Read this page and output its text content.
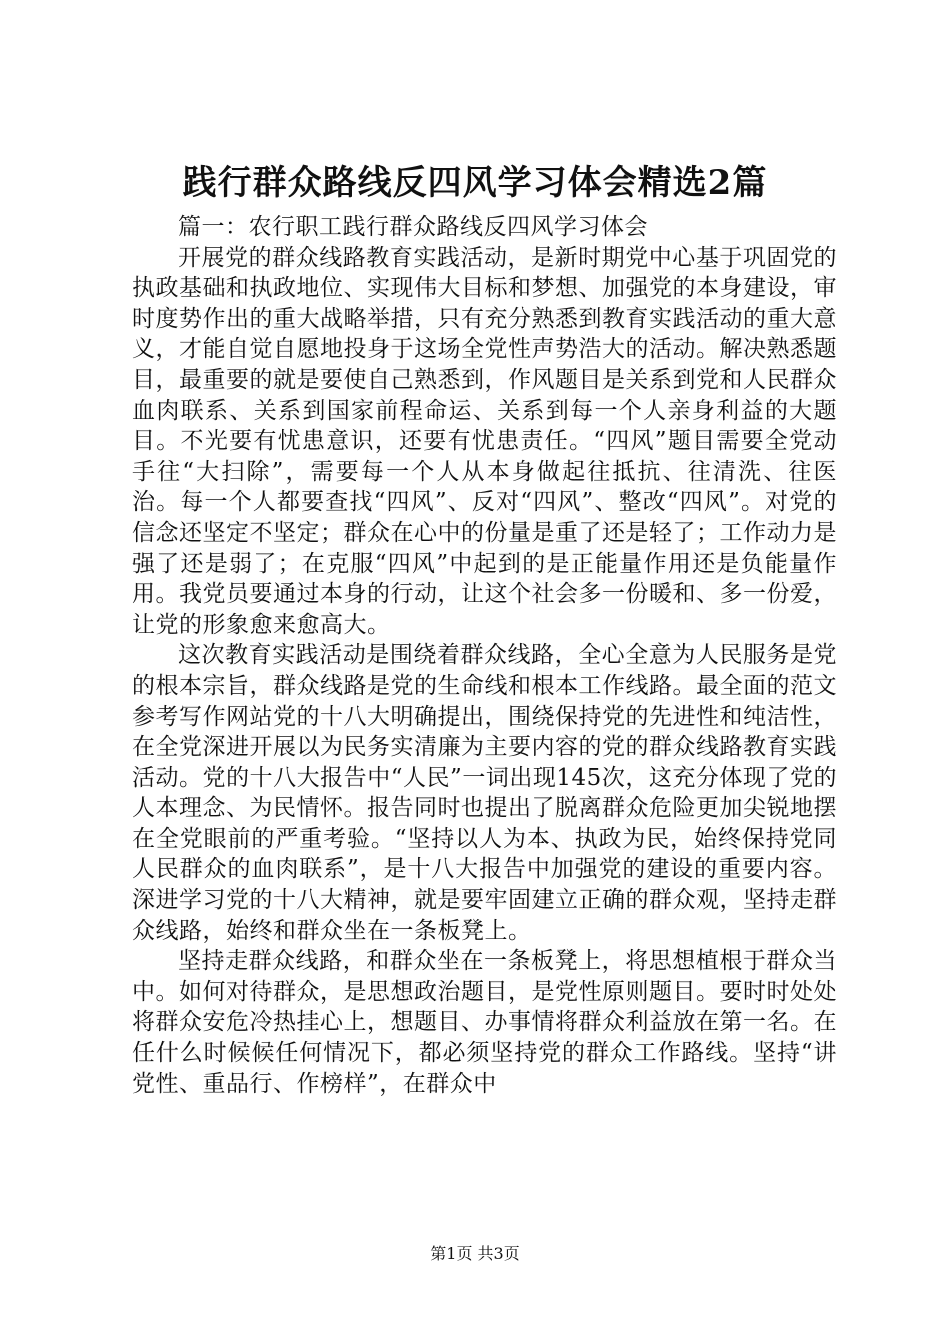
践行群众路线反四风学习体会精选2篇

篇一：农行职工践行群众路线反四风学习体会

开展党的群众线路教育实践活动，是新时期党中心基于巩固党的执政基础和执政地位、实现伟大目标和梦想、加强党的本身建设，审时度势作出的重大战略举措，只有充分熟悉到教育实践活动的重大意义，才能自觉自愿地投身于这场全党性声势浩大的活动。解决熟悉题目，最重要的就是要使自己熟悉到，作风题目是关系到党和人民群众血肉联系、关系到国家前程命运、关系到每一个人亲身利益的大题目。不光要有忧患意识，还要有忧患责任。“四风”题目需要全党动手往“大扫除”，需要每一个人从本身做起往抵抗、往清洗、往医治。每一个人都要查找“四风”、反对“四风”、整改“四风”。对党的信念还坚定不坚定；群众在心中的份量是重了还是轻了；工作动力是强了还是弱了；在克服“四风”中起到的是正能量作用还是负能量作用。我党员要通过本身的行动，让这个社会多一份暖和、多一份爱，让党的形象愈来愈高大。

这次教育实践活动是围绕着群众线路，全心全意为人民服务是党的根本宗旨，群众线路是党的生命线和根本工作线路。最全面的范文参考写作网站党的十八大明确提出，围绕保持党的先进性和纯洁性，在全党深进开展以为民务实清廉为主要内容的党的群众线路教育实践活动。党的十八大报告中“人民”一词出现145次，这充分体现了党的人本理念、为民情怀。报告同时也提出了脱离群众危险更加尖锐地摆在全党眼前的严重考验。“坚持以人为本、执政为民，始终保持党同人民群众的血肉联系”，是十八大报告中加强党的建设的重要内容。深进学习党的十八大精神，就是要牢固建立正确的群众观，坚持走群众线路，始终和群众坐在一条板凳上。

坚持走群众线路，和群众坐在一条板凳上，将思想植根于群众当中。如何对待群众，是思想政治题目，是党性原则题目。要时时处处将群众安危冷热挂心上，想题目、办事情将群众利益放在第一名。在任什么时候候任何情况下，都必须坚持党的群众工作路线。坚持“讲党性、重品行、作榜样”，在群众中

第1页 共3页
